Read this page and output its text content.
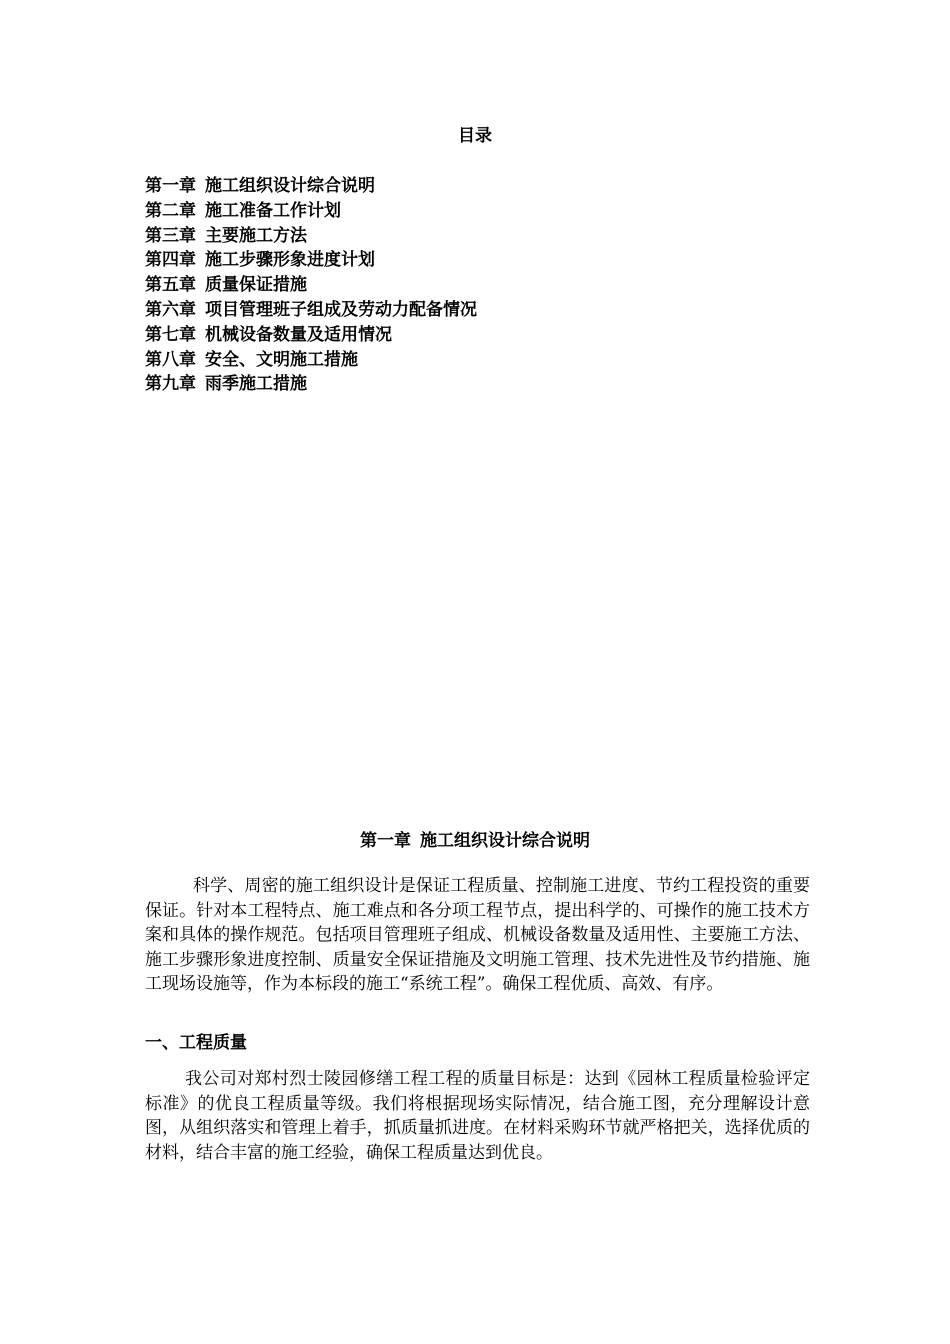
目录
第一章 施工组织设计综合说明
第二章 施工准备工作计划
第三章 主要施工方法
第四章 施工步骤形象进度计划
第五章 质量保证措施
第六章 项目管理班子组成及劳动力配备情况
第七章 机械设备数量及适用情况
第八章 安全、文明施工措施
第九章 雨季施工措施
第一章 施工组织设计综合说明

科学、周密的施工组织设计是保证工程质量、控制施工进度、节约工程投资的重要保证。针对本工程特点、施工难点和各分项工程节点，提出科学的、可操作的施工技术方案和具体的操作规范。包括项目管理班子组成、机械设备数量及适用性、主要施工方法、施工步骤形象进度控制、质量安全保证措施及文明施工管理、技术先进性及节约措施、施工现场设施等，作为本标段的施工“系统工程”。确保工程优质、高效、有序。

一、工程质量

我公司对郑村烈士陵园修缮工程工程的质量目标是：达到《园林工程质量检验评定标准》的优良工程质量等级。我们将根据现场实际情况，结合施工图，充分理解设计意图，从组织落实和管理上着手，抓质量抓进度。在材料采购环节就严格把关，选择优质的材料，结合丰富的施工经验，确保工程质量达到优良。
